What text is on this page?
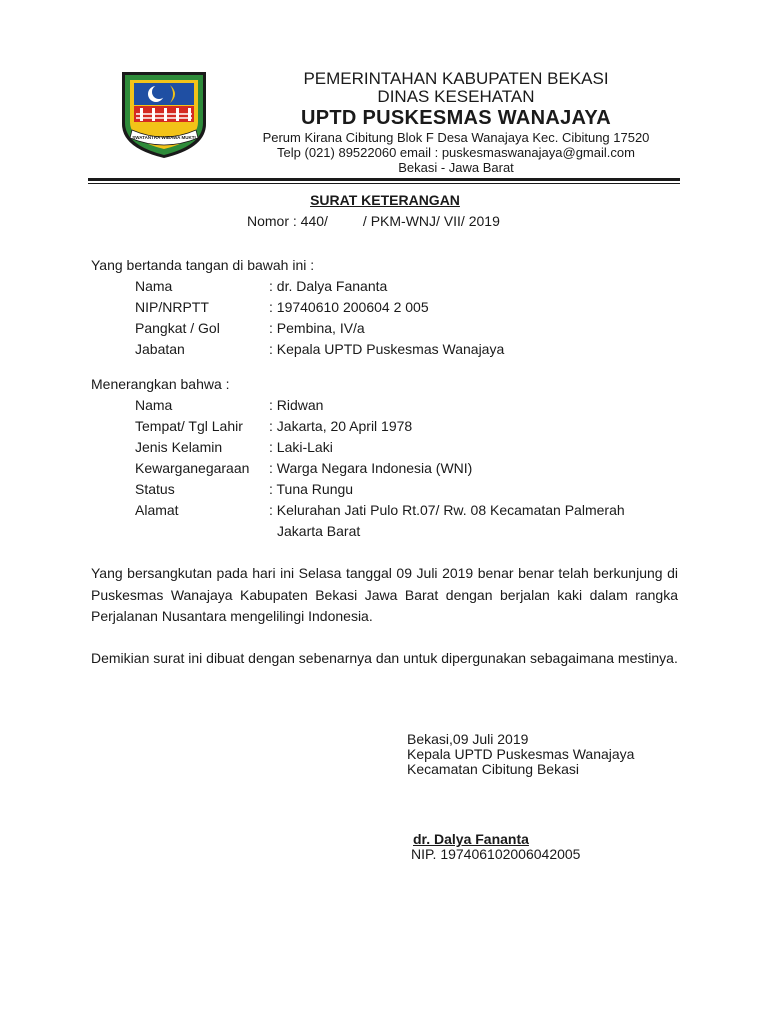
SWATANTRA WIBAWA MUKTI
PEMERINTAHAN KABUPATEN BEKASI
DINAS KESEHATAN
UPTD PUSKESMAS WANAJAYA
Perum Kirana Cibitung Blok F Desa Wanajaya Kec. Cibitung 17520
Telp (021) 89522060 email : puskesmaswanajaya@gmail.com
Bekasi - Jawa Barat
SURAT KETERANGAN
Nomor : 440/         / PKM-WNJ/ VII/ 2019
Yang bertanda tangan di bawah ini :
Nama	: dr. Dalya Fananta
NIP/NRPTT	: 19740610 200604 2 005
Pangkat / Gol	: Pembina, IV/a
Jabatan	: Kepala UPTD Puskesmas Wanajaya
Menerangkan bahwa :
Nama	: Ridwan
Tempat/ Tgl Lahir : Jakarta, 20 April 1978
Jenis Kelamin	: Laki-Laki
Kewarganegaraan : Warga Negara Indonesia (WNI)
Status	: Tuna Rungu
Alamat	: Kelurahan Jati Pulo Rt.07/ Rw. 08 Kecamatan Palmerah
Jakarta Barat
Yang bersangkutan pada hari ini Selasa tanggal 09 Juli 2019 benar benar telah berkunjung di Puskesmas Wanajaya Kabupaten Bekasi Jawa Barat dengan berjalan kaki dalam rangka Perjalanan Nusantara mengelilingi Indonesia.
Demikian surat ini dibuat dengan sebenarnya dan untuk dipergunakan sebagaimana mestinya.
Bekasi,09 Juli 2019
Kepala UPTD Puskesmas Wanajaya
Kecamatan Cibitung Bekasi
dr. Dalya Fananta
NIP. 197406102006042005
